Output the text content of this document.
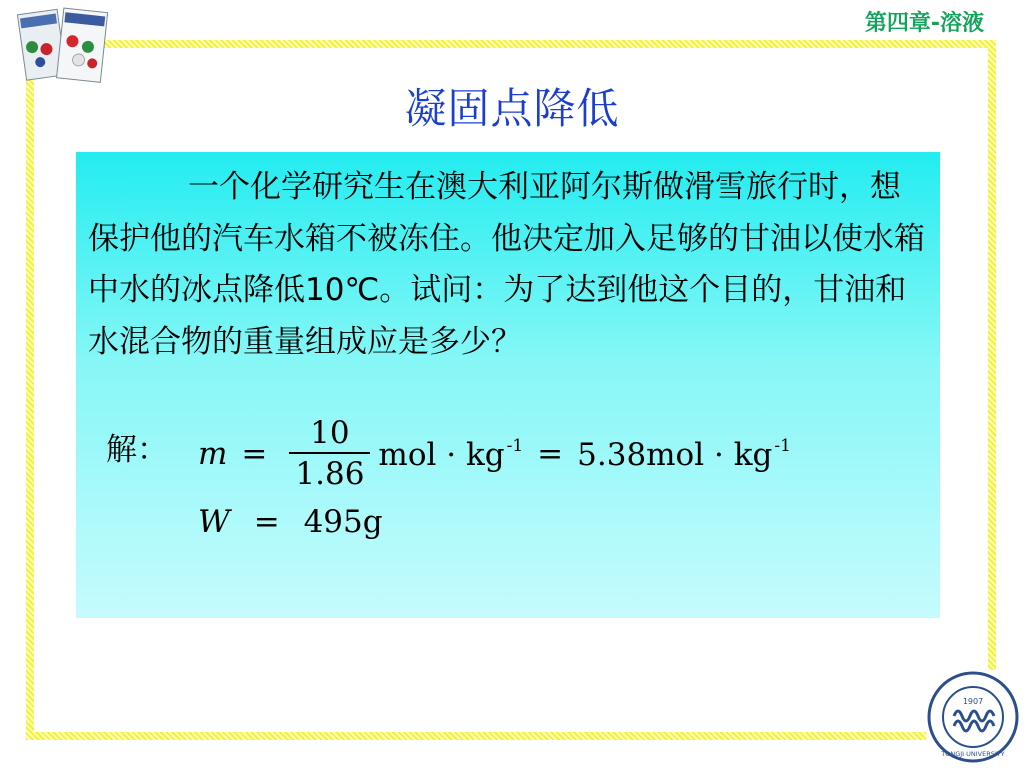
第四章-溶液
凝固点降低

一个化学研究生在澳大利亚阿尔斯做滑雪旅行时，想保护他的汽车水箱不被冻住。他决定加入足够的甘油以使水箱中水的冰点降低10℃。试问：为了达到他这个目的，甘油和水混合物的重量组成应是多少？

解： $m = \frac{10}{1.86}$ mol · kg $^{-1}$ = 5.38mol · kg $^{-1}$
W = 495g
1907
TONGJI UNIVERSITY
